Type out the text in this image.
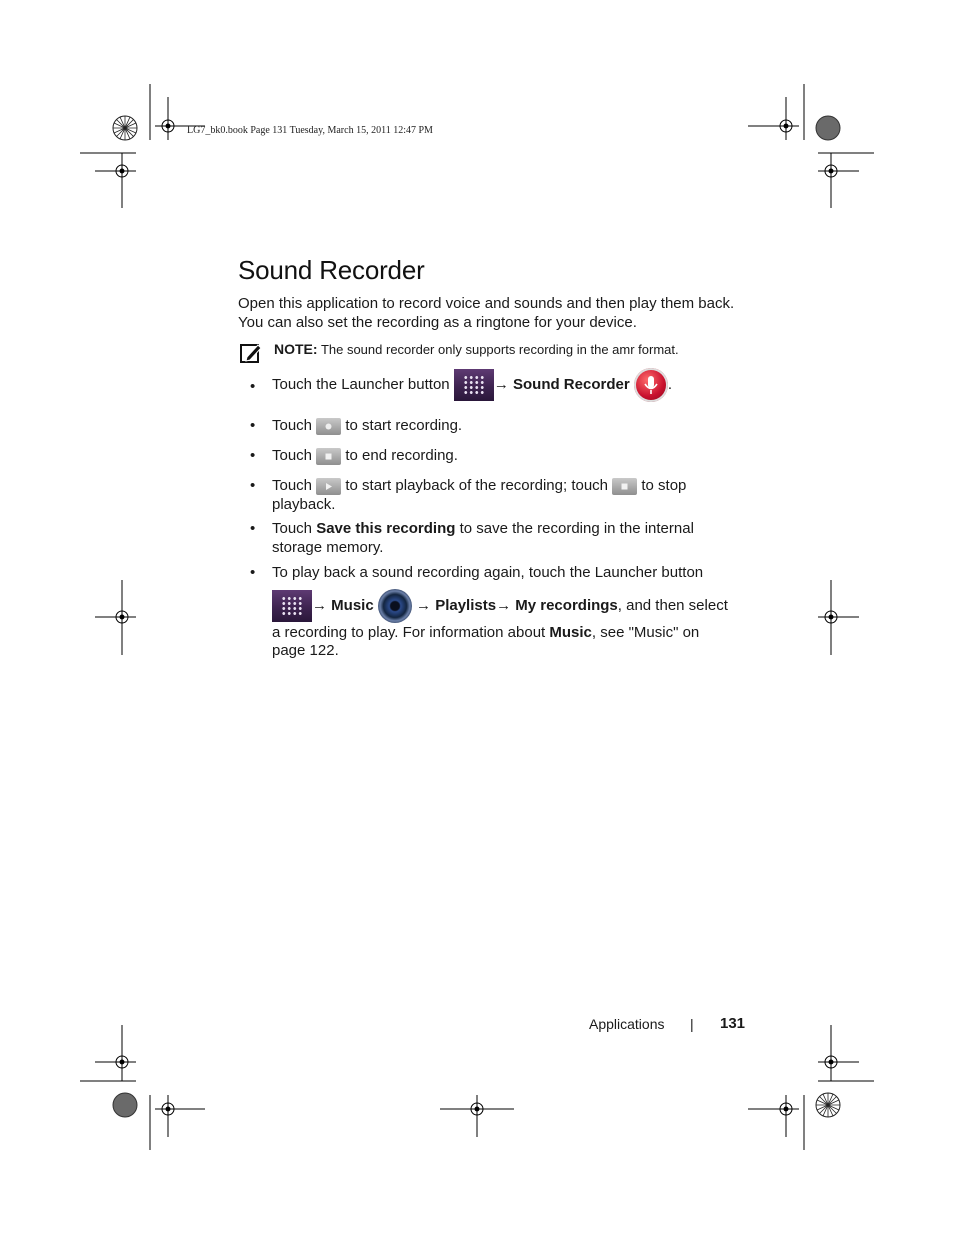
LG7_bk0.book Page 131 Tuesday, March 15, 2011 12:47 PM
Sound Recorder
Open this application to record voice and sounds and then play them back. You can also set the recording as a ringtone for your device.
NOTE: The sound recorder only supports recording in the amr format.
• Touch the Launcher button	→ Sound Recorder	.
• Touch  to start recording.
• Touch  to end recording.
• Touch  to start playback of the recording; touch  to stop playback.
• Touch Save this recording to save the recording in the internal storage memory.
• To play back a sound recording again, touch the Launcher button
→ Music	→ Playlists→ My recordings, and then select
a recording to play. For information about Music, see "Music" on
page 122.
Applications | 131
